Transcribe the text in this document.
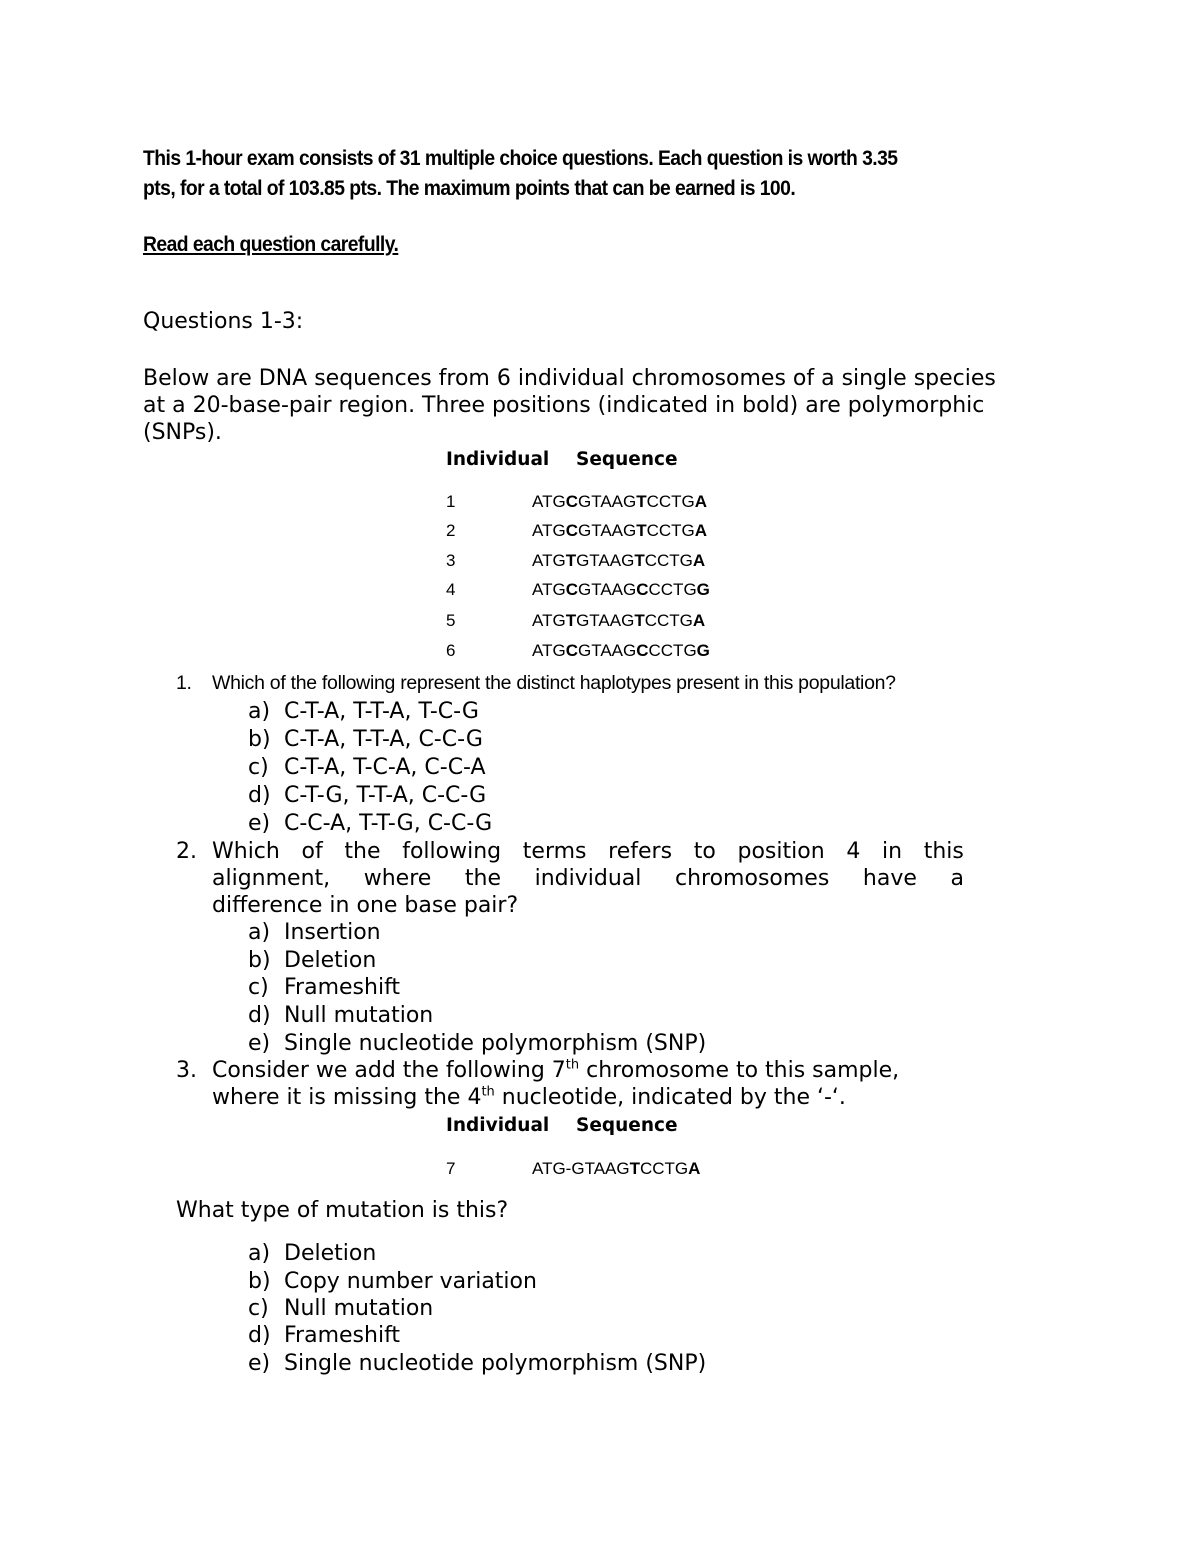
This 1-hour exam consists of 31 multiple choice questions. Each question is worth 3.35
pts, for a total of 103.85 pts. The maximum points that can be earned is 100.
Read each question carefully.
Questions 1-3:
Below are DNA sequences from 6 individual chromosomes of a single species
at a 20-base-pair region. Three positions (indicated in bold) are polymorphic
(SNPs).
Individual Sequence
1	ATGCGTAAGTCCTGA
2	ATGCGTAAGTCCTGA
3	ATGTGTAAGTCCTGA
4	ATGCGTAAGCCCTGG
5	ATGTGTAAGTCCTGA
6	ATGCGTAAGCCCTGG
1. Which of the following represent the distinct haplotypes present in this population?
a) C-T-A, T-T-A, T-C-G
b) C-T-A, T-T-A, C-C-G
c) C-T-A, T-C-A, C-C-A
d) C-T-G, T-T-A, C-C-G
e) C-C-A, T-T-G, C-C-G
2. Which of the following terms refers to position 4 in this
alignment, where the individual chromosomes have a
difference in one base pair?
a) Insertion
b) Deletion
c) Frameshift
d) Null mutation
e) Single nucleotide polymorphism (SNP)
3. Consider we add the following 7th chromosome to this sample,
where it is missing the 4th nucleotide, indicated by the ‘-‘.
Individual Sequence
7	ATG-GTAAGTCCTGA
What type of mutation is this?
a) Deletion
b) Copy number variation
c) Null mutation
d) Frameshift
e) Single nucleotide polymorphism (SNP)
